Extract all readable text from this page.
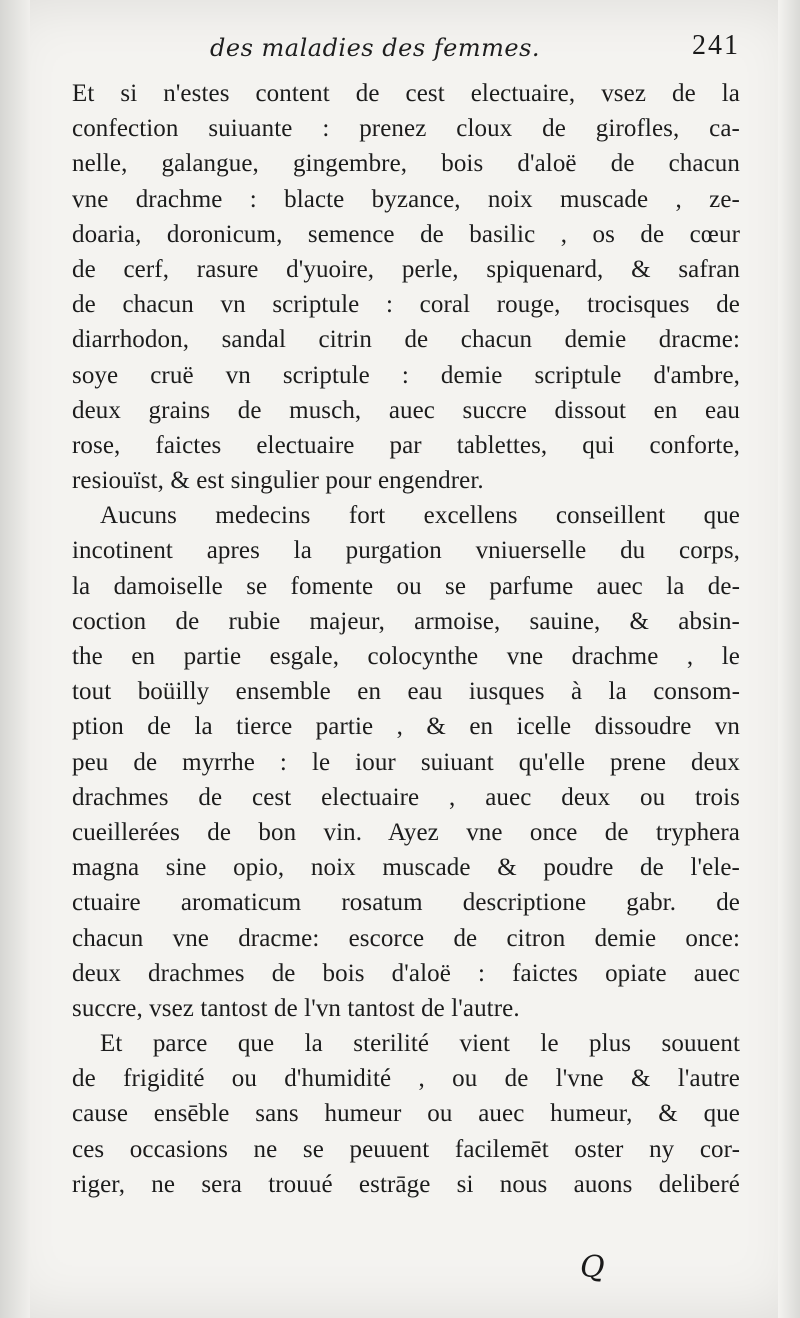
des maladies des femmes.	241
Et si n'estes content de cest electuaire, vsez de la
confection suiuante : prenez cloux de girofles, ca-
nelle, galangue, gingembre, bois d'aloë de chacun
vne drachme : blacte byzance, noix muscade , ze-
doaria, doronicum, semence de basilic , os de cœur
de cerf, rasure d'yuoire, perle, spiquenard, & safran
de chacun vn scriptule : coral rouge, trocisques de
diarrhodon, sandal citrin de chacun demie dracme:
soye cruë vn scriptule : demie scriptule d'ambre,
deux grains de musch, auec succre dissout en eau
rose, faictes electuaire par tablettes, qui conforte,
resiouïst, & est singulier pour engendrer.
Aucuns medecins fort excellens conseillent que
incotinent apres la purgation vniuerselle du corps,
la damoiselle se fomente ou se parfume auec la de-
coction de rubie majeur, armoise, sauine, & absin-
the en partie esgale, colocynthe vne drachme , le
tout boüilly ensemble en eau iusques à la consom-
ption de la tierce partie , & en icelle dissoudre vn
peu de myrrhe : le iour suiuant qu'elle prene deux
drachmes de cest electuaire , auec deux ou trois
cueillerées de bon vin. Ayez vne once de tryphera
magna sine opio, noix muscade & poudre de l'ele-
ctuaire aromaticum rosatum descriptione gabr. de
chacun vne dracme: escorce de citron demie once:
deux drachmes de bois d'aloë : faictes opiate auec
succre, vsez tantost de l'vn tantost de l'autre.
Et parce que la sterilité vient le plus souuent
de frigidité ou d'humidité , ou de l'vne & l'autre
cause ensēble sans humeur ou auec humeur, & que
ces occasions ne se peuuent facilemēt oster ny cor-
riger, ne sera trouué estrāge si nous auons deliberé
Q
